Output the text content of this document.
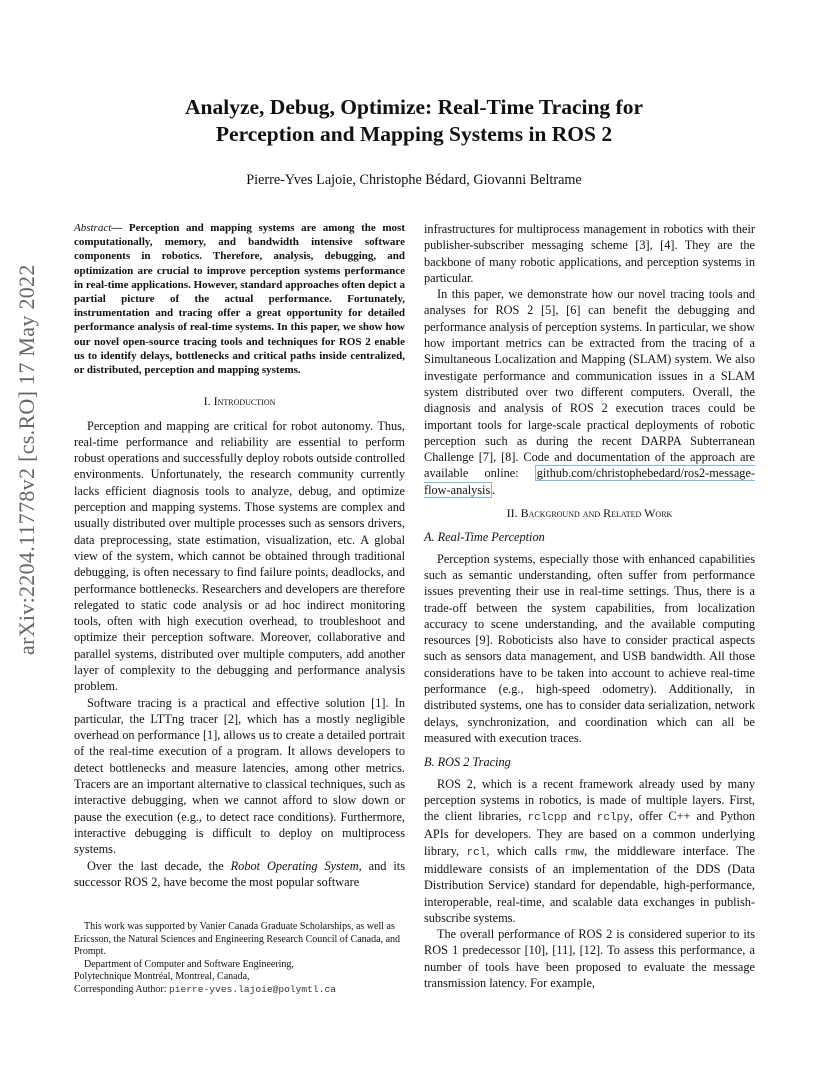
arXiv:2204.11778v2 [cs.RO] 17 May 2022
Analyze, Debug, Optimize: Real-Time Tracing for
Perception and Mapping Systems in ROS 2
Pierre-Yves Lajoie, Christophe Bédard, Giovanni Beltrame
Abstract— Perception and mapping systems are among the most computationally, memory, and bandwidth intensive software components in robotics. Therefore, analysis, debugging, and optimization are crucial to improve perception systems performance in real-time applications. However, standard approaches often depict a partial picture of the actual performance. Fortunately, instrumentation and tracing offer a great opportunity for detailed performance analysis of real-time systems. In this paper, we show how our novel open-source tracing tools and techniques for ROS 2 enable us to identify delays, bottlenecks and critical paths inside centralized, or distributed, perception and mapping systems.
I. Introduction

Perception and mapping are critical for robot autonomy. Thus, real-time performance and reliability are essential to perform robust operations and successfully deploy robots outside controlled environments. Unfortunately, the research community currently lacks efficient diagnosis tools to analyze, debug, and optimize perception and mapping systems. Those systems are complex and usually distributed over multiple processes such as sensors drivers, data preprocessing, state estimation, visualization, etc. A global view of the system, which cannot be obtained through traditional debugging, is often necessary to find failure points, deadlocks, and performance bottlenecks. Researchers and developers are therefore relegated to static code analysis or ad hoc indirect monitoring tools, often with high execution overhead, to troubleshoot and optimize their perception software. Moreover, collaborative and parallel systems, distributed over multiple computers, add another layer of complexity to the debugging and performance analysis problem.

Software tracing is a practical and effective solution [1]. In particular, the LTTng tracer [2], which has a mostly negligible overhead on performance [1], allows us to create a detailed portrait of the real-time execution of a program. It allows developers to detect bottlenecks and measure latencies, among other metrics. Tracers are an important alternative to classical techniques, such as interactive debugging, when we cannot afford to slow down or pause the execution (e.g., to detect race conditions). Furthermore, interactive debugging is difficult to deploy on multiprocess systems.

Over the last decade, the Robot Operating System, and its successor ROS 2, have become the most popular software

This work was supported by Vanier Canada Graduate Scholarships, as well as Ericsson, the Natural Sciences and Engineering Research Council of Canada, and Prompt.

Department of Computer and Software Engineering,

Polytechnique Montréal, Montreal, Canada,
Corresponding Author: pierre-yves.lajoie@polymtl.ca
infrastructures for multiprocess management in robotics with their publisher-subscriber messaging scheme [3], [4]. They are the backbone of many robotic applications, and perception systems in particular.

In this paper, we demonstrate how our novel tracing tools and analyses for ROS 2 [5], [6] can benefit the debugging and performance analysis of perception systems. In particular, we show how important metrics can be extracted from the tracing of a Simultaneous Localization and Mapping (SLAM) system. We also investigate performance and communication issues in a SLAM system distributed over two different computers. Overall, the diagnosis and analysis of ROS 2 execution traces could be important tools for large-scale practical deployments of robotic perception such as during the recent DARPA Subterranean Challenge [7], [8]. Code and documentation of the approach are available online: github.com/christophebedard/ros2-message-flow-analysis .

II. Background and Related Work
A. Real-Time Perception

Perception systems, especially those with enhanced capabilities such as semantic understanding, often suffer from performance issues preventing their use in real-time settings. Thus, there is a trade-off between the system capabilities, from localization accuracy to scene understanding, and the available computing resources [9]. Roboticists also have to consider practical aspects such as sensors data management, and USB bandwidth. All those considerations have to be taken into account to achieve real-time performance (e.g., high-speed odometry). Additionally, in distributed systems, one has to consider data serialization, network delays, synchronization, and coordination which can all be measured with execution traces.

B. ROS 2 Tracing

ROS 2, which is a recent framework already used by many perception systems in robotics, is made of multiple layers. First, the client libraries, rclcpp and rclpy, offer C++ and Python APIs for developers. They are based on a common underlying library, rcl, which calls rmw, the middleware interface. The middleware consists of an implementation of the DDS (Data Distribution Service) standard for dependable, high-performance, interoperable, real-time, and scalable data exchanges in publish-subscribe systems.

The overall performance of ROS 2 is considered superior to its ROS 1 predecessor [10], [11], [12]. To assess this performance, a number of tools have been proposed to evaluate the message transmission latency. For example,
